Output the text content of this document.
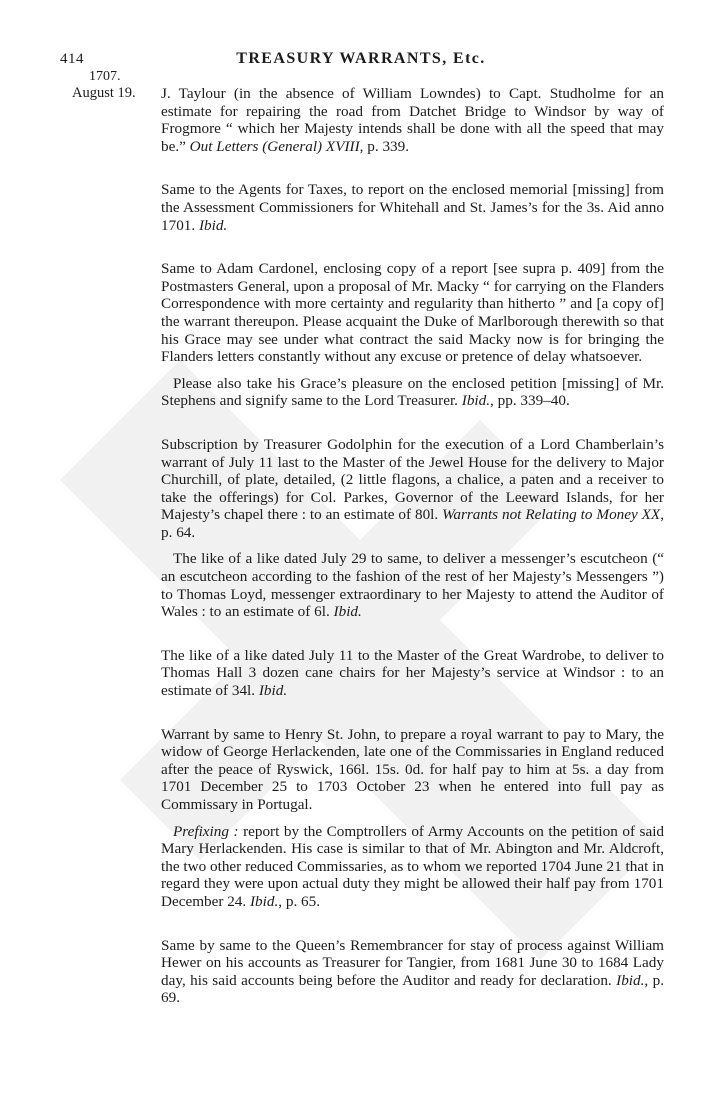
414	TREASURY WARRANTS, Etc.
1707.
August 19. J. Taylour (in the absence of William Lowndes) to Capt. Studholme for an estimate for repairing the road from Datchet Bridge to Windsor by way of Frogmore “ which her Majesty intends shall be done with all the speed that may be.” Out Letters (General) XVIII, p. 339.

Same to the Agents for Taxes, to report on the enclosed memorial [missing] from the Assessment Commissioners for Whitehall and St. James’s for the 3s. Aid anno 1701. Ibid.

Same to Adam Cardonel, enclosing copy of a report [see supra p. 409] from the Postmasters General, upon a proposal of Mr. Macky “ for carrying on the Flanders Correspondence with more certainty and regularity than hitherto ” and [a copy of] the warrant thereupon. Please acquaint the Duke of Marlborough therewith so that his Grace may see under what contract the said Macky now is for bringing the Flanders letters constantly without any excuse or pretence of delay whatsoever.

Please also take his Grace’s pleasure on the enclosed petition [missing] of Mr. Stephens and signify same to the Lord Treasurer. Ibid., pp. 339–40.

Subscription by Treasurer Godolphin for the execution of a Lord Chamberlain’s warrant of July 11 last to the Master of the Jewel House for the delivery to Major Churchill, of plate, detailed, (2 little flagons, a chalice, a paten and a receiver to take the offerings) for Col. Parkes, Governor of the Leeward Islands, for her Majesty’s chapel there : to an estimate of 80l. Warrants not Relating to Money XX, p. 64.

The like of a like dated July 29 to same, to deliver a messenger’s escutcheon (“ an escutcheon according to the fashion of the rest of her Majesty’s Messengers ”) to Thomas Loyd, messenger extraordinary to her Majesty to attend the Auditor of Wales : to an estimate of 6l. Ibid.

The like of a like dated July 11 to the Master of the Great Wardrobe, to deliver to Thomas Hall 3 dozen cane chairs for her Majesty’s service at Windsor : to an estimate of 34l. Ibid.

Warrant by same to Henry St. John, to prepare a royal warrant to pay to Mary, the widow of George Herlackenden, late one of the Commissaries in England reduced after the peace of Ryswick, 166l. 15s. 0d. for half pay to him at 5s. a day from 1701 December 25 to 1703 October 23 when he entered into full pay as Commissary in Portugal.

Prefixing : report by the Comptrollers of Army Accounts on the petition of said Mary Herlackenden. His case is similar to that of Mr. Abington and Mr. Aldcroft, the two other reduced Commissaries, as to whom we reported 1704 June 21 that in regard they were upon actual duty they might be allowed their half pay from 1701 December 24. Ibid., p. 65.

Same by same to the Queen’s Remembrancer for stay of process against William Hewer on his accounts as Treasurer for Tangier, from 1681 June 30 to 1684 Lady day, his said accounts being before the Auditor and ready for declaration. Ibid., p. 69.
